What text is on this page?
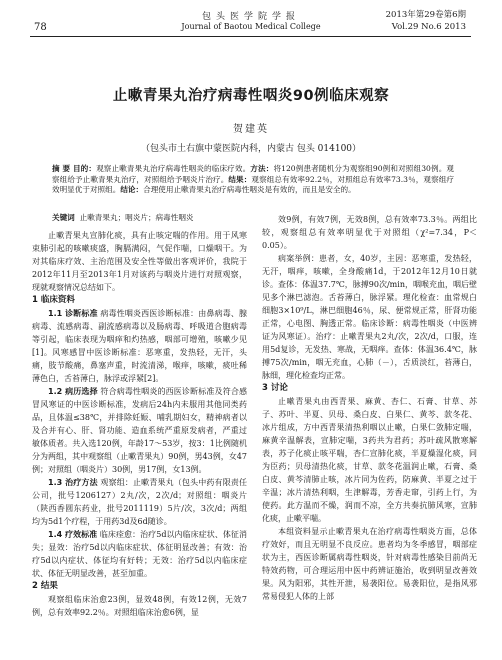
78
包头医学院学报
Journal of Baotou Medical College
2013年第29卷第6期
Vol.29 No.6 2013
止嗽青果丸治疗病毒性咽炎90例临床观察
贺建英
（包头市土右旗中蒙医院内科，内蒙古 包头 014100）
摘 要 目的：观察止嗽青果丸治疗病毒性咽炎的临床疗效。方法：将120例患者随机分为观察组90例和对照组30例。观察组给予止嗽青果丸治疗，对照组给予咽炎片治疗。结果：观察组总有效率92.2％，对照组总有效率73.3％，观察组疗效明显优于对照组。结论：合理使用止嗽青果丸治疗病毒性咽炎是有效的，而且是安全的。
关键词 止嗽青果丸；咽炎片；病毒性咽炎

止嗽青果丸宣肺化痰，具有止咳定喘的作用。用于风寒束肺引起的咳嗽痰盛，胸膈满闷，气促作喘，口燥咽干。为对其临床疗效、主治范围及安全性等做出客观评价，我院于2012年11月至2013年1月对该药与咽炎片进行对照观察，现就观察情况总结如下。

1 临床资料

1.1 诊断标准 病毒性咽炎西医诊断标准：由鼻病毒、腺病毒、流感病毒、副流感病毒以及肠病毒、呼吸道合胞病毒等引起，临床表现为咽痒和灼热感，咽部可增殖，咳嗽少见[1]。风寒感冒中医诊断标准：恶寒重，发热轻，无汗，头痛，肢节酸痛，鼻塞声重，时流清涕，喉痒，咳嗽，痰吐稀薄色白，舌苔薄白，脉浮或浮紧[2]。

1.2 病历选择 符合病毒性咽炎的西医诊断标准及符合感冒风寒证的中医诊断标准，发病后24h内未服用其他同类药品，且体温≤38℃，并排除妊娠、哺乳期妇女，精神病者以及合并有心、肝、肾功能、造血系统严重原发病者，严重过敏体质者。共入选120例，年龄17～53岁，按3：1比例随机分为两组，其中观察组（止嗽青果丸）90例，男43例，女47例；对照组（咽炎片）30例，男17例，女13例。

1.3 治疗方法 观察组：止嗽青果丸（包头中药有限责任公司，批号1206127）2丸/次，2次/d；对照组：咽炎片（陕西香圆东药业，批号2011119）5片/次，3次/d；两组均为5d1个疗程，于用药3d及6d随诊。

1.4 疗效标准 临床痊愈：治疗5d以内临床症状、体征消失；显效：治疗5d以内临床症状、体征明显改善；有效：治疗5d以内症状、体征均有好转；无效：治疗5d以内临床症状、体征无明显改善，甚至加重。

2 结果

观察组临床治愈23例，显效48例，有效12例，无效7例，总有效率92.2％。对照组临床治愈6例，显

效9例，有效7例，无效8例，总有效率73.3％。两组比较，观察组总有效率明显优于对照组（χ²=7.34，P＜0.05）。

病案举例：患者，女，40岁，主因：恶寒重，发热轻，无汗，咽痒，咳嗽，全身酸痛1d，于2012年12月10日就诊。查体：体温37.7℃，脉搏90次/min，咽喉充血，咽后壁见多个淋巴滤泡。舌苔薄白，脉浮紧。理化检查：血常规白细胞3×10⁹/L，淋巴细胞46％，尿、便常规正常，肝肾功能正常，心电图、胸透正常。临床诊断：病毒性咽炎（中医辨证为风寒证）。治疗：止嗽青果丸2丸/次，2次/d，口服，连用5d复诊，无发热、寒战，无咽痒。查体：体温36.4℃，脉搏75次/min，咽无充血，心肺（－），舌质淡红，苔薄白，脉细，理化检查均正常。

3 讨论

止嗽青果丸由西青果、麻黄、杏仁、石膏、甘草、苏子、苏叶、半夏、贝母、桑白皮、白果仁、黄芩、款冬花、冰片组成，方中西青果清热利咽以止嗽，白果仁敛肺定喘，麻黄辛温解表，宣肺定喘，3药共为君药；苏叶疏风散寒解表，苏子化痰止咳平喘，杏仁宣肺化痰，半夏燥湿化痰，同为臣药；贝母清热化痰，甘草、款冬花温润止嗽，石膏、桑白皮、黄芩清肺止咳，冰片同为佐药，防麻黄、半夏之过于辛温；冰片清热利咽，生津解毒，芳香走窜，引药上行，为使药。此方温而不燥，润而不凉，全方共奏抗肺风寒，宣肺化痰，止嗽平喘。

本组资料显示止嗽青果丸在治疗病毒性咽炎方面，总体疗效好，而且无明显不良反应。患者均为冬季感冒，咽部症状为主，西医诊断属病毒性咽炎，针对病毒性感染目前尚无特效药物，可合理运用中医中药辨证施治，收到明显改善效果。风为阳邪，其性开泄，易袭阳位。易袭阳位，是指风邪常易侵犯人体的上部
